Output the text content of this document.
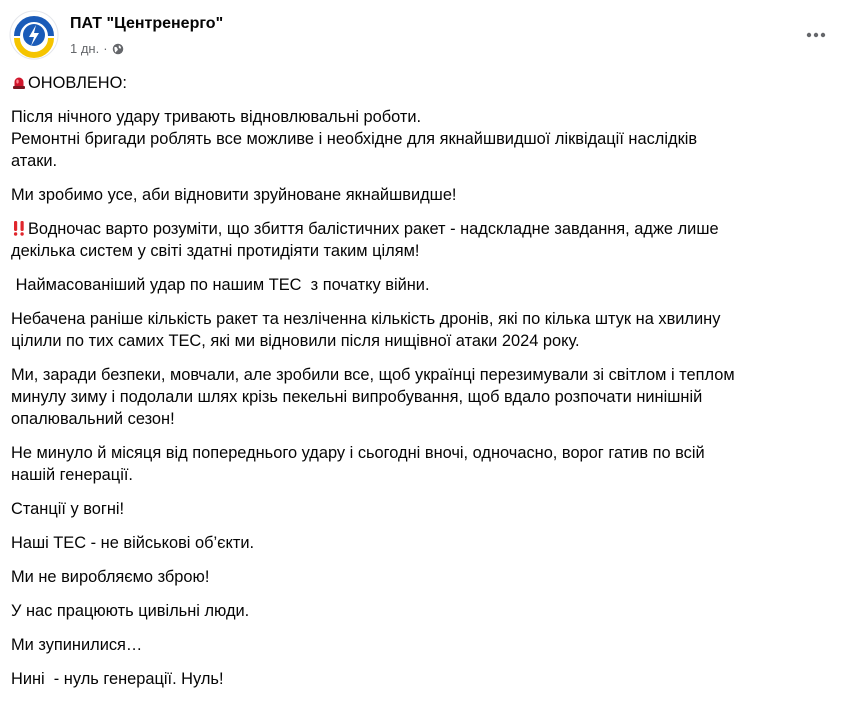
ПАТ "Центренерго"
1 дн. ·

ОНОВЛЕНО:

Після нічного удару тривають відновлювальні роботи.
Ремонтні бригади роблять все можливе і необхідне для якнайшвидшої ліквідації наслідків
атаки.

Ми зробимо усе, аби відновити зруйноване якнайшвидше!

Водночас варто розуміти, що збиття балістичних ракет - надскладне завдання, адже лише
декілька систем у світі здатні протидіяти таким цілям!

Наймасованіший удар по нашим ТЕС  з початку війни.

Небачена раніше кількість ракет та незліченна кількість дронів, які по кілька штук на хвилину
цілили по тих самих ТЕС, які ми відновили після нищівної атаки 2024 року.

Ми, заради безпеки, мовчали, але зробили все, щоб українці перезимували зі світлом і теплом
минулу зиму і подолали шлях крізь пекельні випробування, щоб вдало розпочати нинішній
опалювальний сезон!

Не минуло й місяця від попереднього удару і сьогодні вночі, одночасно, ворог гатив по всій
нашій генерації.

Станції у вогні!

Наші ТЕС - не військові об’єкти.

Ми не виробляємо зброю!

У нас працюють цивільні люди.

Ми зупинилися…

Нині  - нуль генерації. Нуль!
